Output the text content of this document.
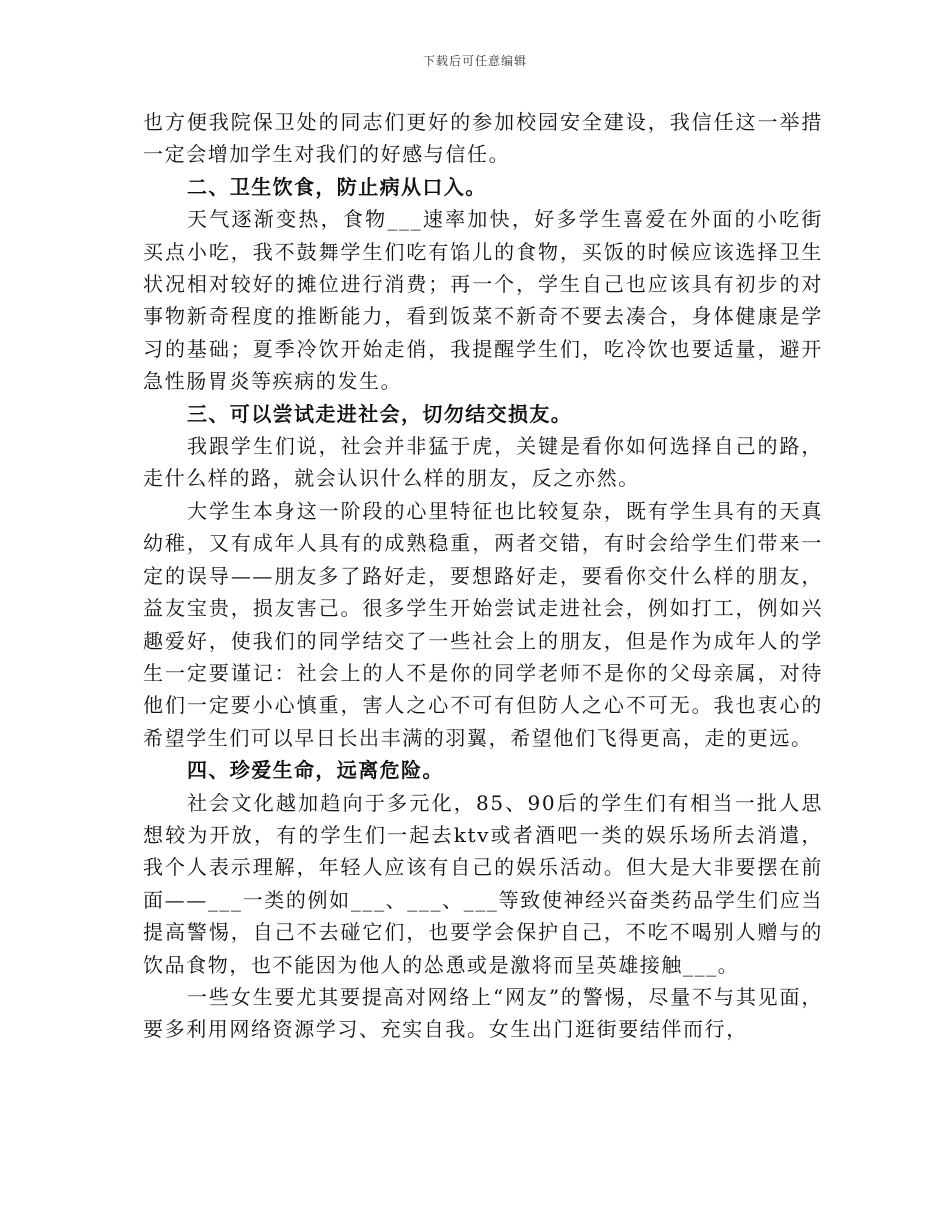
下载后可任意编辑

也方便我院保卫处的同志们更好的参加校园安全建设，我信任这一举措一定会增加学生对我们的好感与信任。

二、卫生饮食，防止病从口入。

天气逐渐变热，食物___速率加快，好多学生喜爱在外面的小吃街买点小吃，我不鼓舞学生们吃有馅儿的食物，买饭的时候应该选择卫生状况相对较好的摊位进行消费；再一个，学生自己也应该具有初步的对事物新奇程度的推断能力，看到饭菜不新奇不要去凑合，身体健康是学习的基础；夏季冷饮开始走俏，我提醒学生们，吃冷饮也要适量，避开急性肠胃炎等疾病的发生。

三、可以尝试走进社会，切勿结交损友。

我跟学生们说，社会并非猛于虎，关键是看你如何选择自己的路，走什么样的路，就会认识什么样的朋友，反之亦然。

大学生本身这一阶段的心里特征也比较复杂，既有学生具有的天真幼稚，又有成年人具有的成熟稳重，两者交错，有时会给学生们带来一定的误导——朋友多了路好走，要想路好走，要看你交什么样的朋友，益友宝贵，损友害己。很多学生开始尝试走进社会，例如打工，例如兴趣爱好，使我们的同学结交了一些社会上的朋友，但是作为成年人的学生一定要谨记：社会上的人不是你的同学老师不是你的父母亲属，对待他们一定要小心慎重，害人之心不可有但防人之心不可无。我也衷心的希望学生们可以早日长出丰满的羽翼，希望他们飞得更高，走的更远。

四、珍爱生命，远离危险。

社会文化越加趋向于多元化，85、90后的学生们有相当一批人思想较为开放，有的学生们一起去ktv或者酒吧一类的娱乐场所去消遣，我个人表示理解，年轻人应该有自己的娱乐活动。但大是大非要摆在前面——___一类的例如___、___、___等致使神经兴奋类药品学生们应当提高警惕，自己不去碰它们，也要学会保护自己，不吃不喝别人赠与的饮品食物，也不能因为他人的怂恿或是激将而呈英雄接触___。

一些女生要尤其要提高对网络上“网友”的警惕，尽量不与其见面，要多利用网络资源学习、充实自我。女生出门逛街要结伴而行，
